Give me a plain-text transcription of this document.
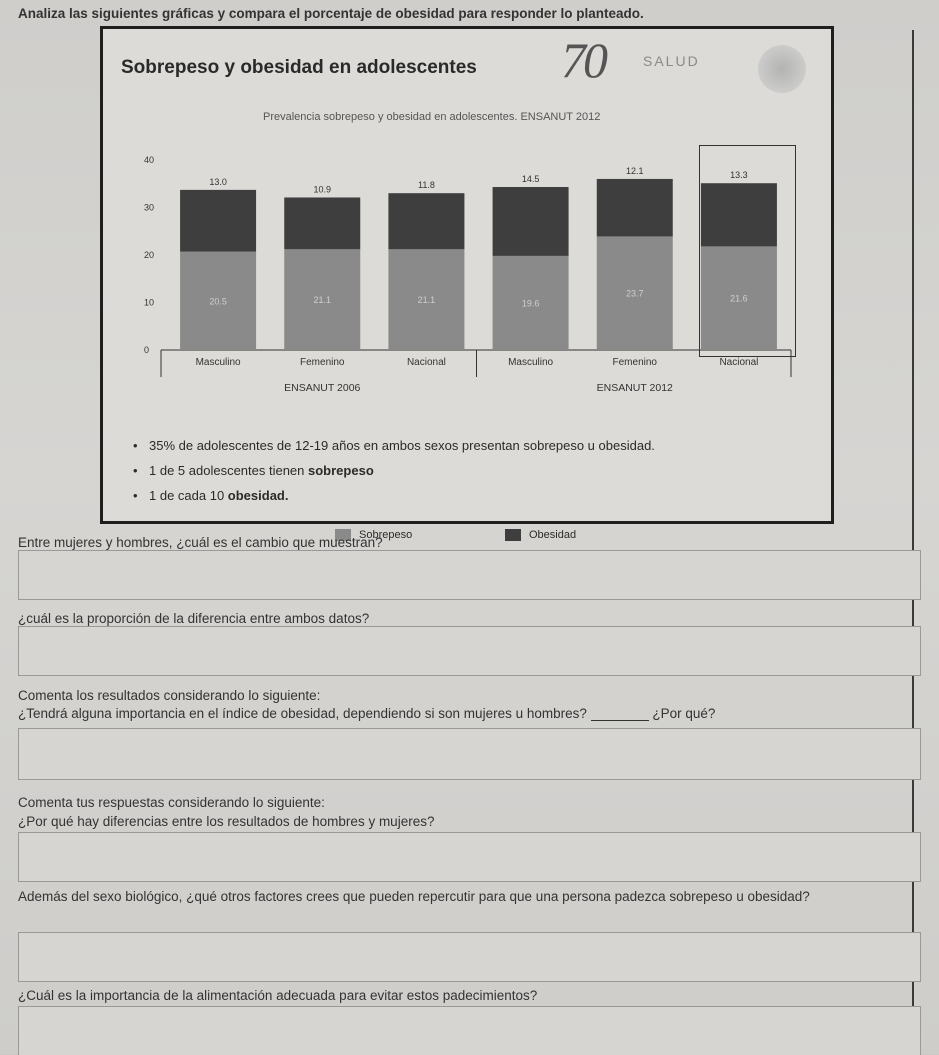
Analiza las siguientes gráficas y compara el porcentaje de obesidad para responder lo planteado.
Sobrepeso y obesidad en adolescentes 70	SALUD
Prevalencia sobrepeso y obesidad en adolescentes. ENSANUT 2012
0
10
20
30
40
20.5
13.0
Masculino
21.1
10.9
Femenino
21.1
11.8
Nacional
19.6
14.5
Masculino
23.7
12.1
Femenino
21.6
13.3
Nacional
ENSANUT 2006	ENSANUT 2012
Sobrepeso	Obesidad
• 35% de adolescentes de 12-19 años en ambos sexos presentan sobrepeso u obesidad.
• 1 de 5 adolescentes tienen sobrepeso
• 1 de cada 10 obesidad.
Entre mujeres y hombres, ¿cuál es el cambio que muestran?
¿cuál es la proporción de la diferencia entre ambos datos?
Comenta los resultados considerando lo siguiente:
¿Tendrá alguna importancia en el índice de obesidad, dependiendo si son mujeres u hombres?	¿Por qué?
Comenta tus respuestas considerando lo siguiente:
¿Por qué hay diferencias entre los resultados de hombres y mujeres?
Además del sexo biológico, ¿qué otros factores crees que pueden repercutir para que una persona padezca sobrepeso u obesidad?
¿Cuál es la importancia de la alimentación adecuada para evitar estos padecimientos?
